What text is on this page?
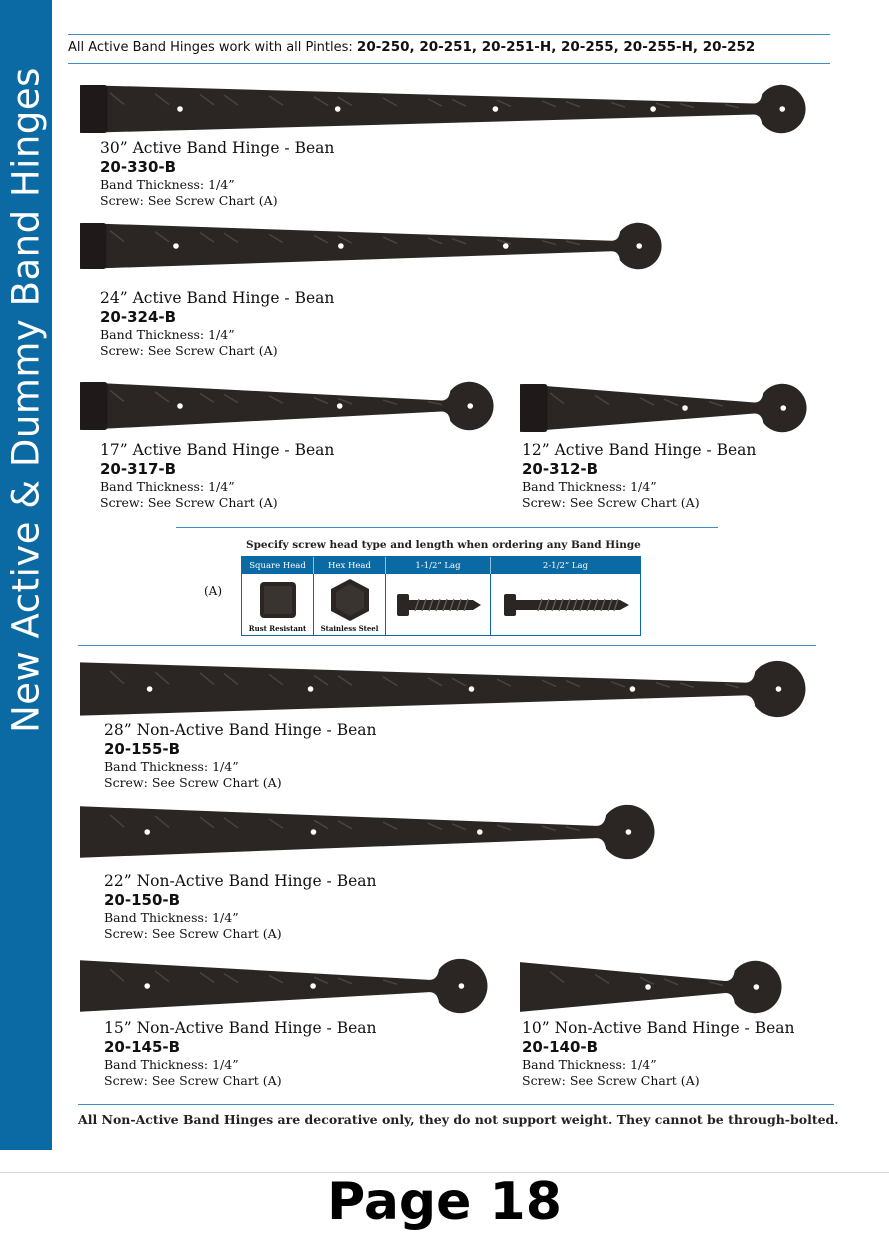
New Active & Dummy Band Hinges
All Active Band Hinges work with all Pintles: 20-250, 20-251, 20-251-H, 20-255, 20-255-H, 20-252
30” Active Band Hinge - Bean
20-330-B
Band Thickness: 1/4”
Screw: See Screw Chart (A)
24” Active Band Hinge - Bean
20-324-B
Band Thickness: 1/4”
Screw: See Screw Chart (A)
17” Active Band Hinge - Bean
20-317-B
Band Thickness: 1/4”
Screw: See Screw Chart (A)
12” Active Band Hinge - Bean
20-312-B
Band Thickness: 1/4”
Screw: See Screw Chart (A)
Specify screw head type and length when ordering any Band Hinge
(A)
Square Head	Hex Head	1-1/2” Lag	2-1/2” Lag
Rust Resistant	Stainless Steel
28” Non-Active Band Hinge - Bean
20-155-B
Band Thickness: 1/4”
Screw: See Screw Chart (A)
22” Non-Active Band Hinge - Bean
20-150-B
Band Thickness: 1/4”
Screw: See Screw Chart (A)
15” Non-Active Band Hinge - Bean
20-145-B
Band Thickness: 1/4”
Screw: See Screw Chart (A)
10” Non-Active Band Hinge - Bean
20-140-B
Band Thickness: 1/4”
Screw: See Screw Chart (A)
All Non-Active Band Hinges are decorative only, they do not support weight. They cannot be through-bolted.
Page 18
